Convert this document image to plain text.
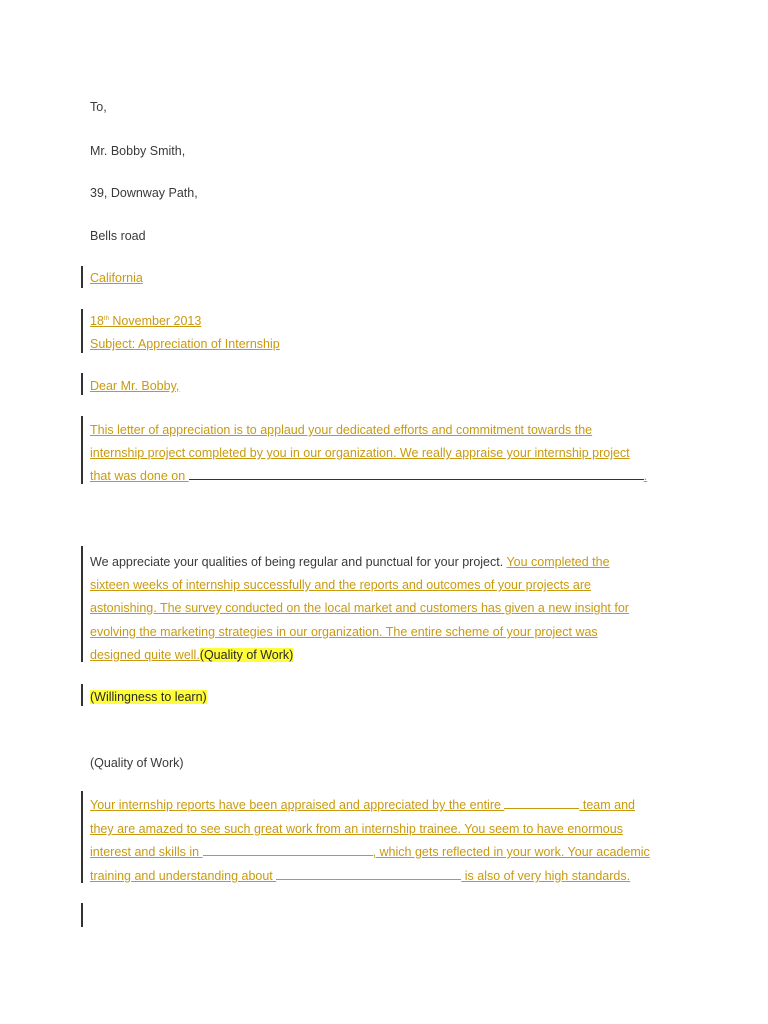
To,
Mr. Bobby Smith,
39, Downway Path,
Bells road
California
18th November 2013
Subject: Appreciation of Internship
Dear Mr. Bobby,
This letter of appreciation is to applaud your dedicated efforts and commitment towards the
internship project completed by you in our organization. We really appraise your internship project
that was done on	.
We appreciate your qualities of being regular and punctual for your project. You completed the
sixteen weeks of internship successfully and the reports and outcomes of your projects are
astonishing. The survey conducted on the local market and customers has given a new insight for
evolving the marketing strategies in our organization. The entire scheme of your project was
designed quite well.(Quality of Work)
(Willingness to learn)
(Quality of Work)
Your internship reports have been appraised and appreciated by the entire	team and
they are amazed to see such great work from an internship trainee. You seem to have enormous
interest and skills in	, which gets reflected in your work. Your academic
training and understanding about	is also of very high standards.
